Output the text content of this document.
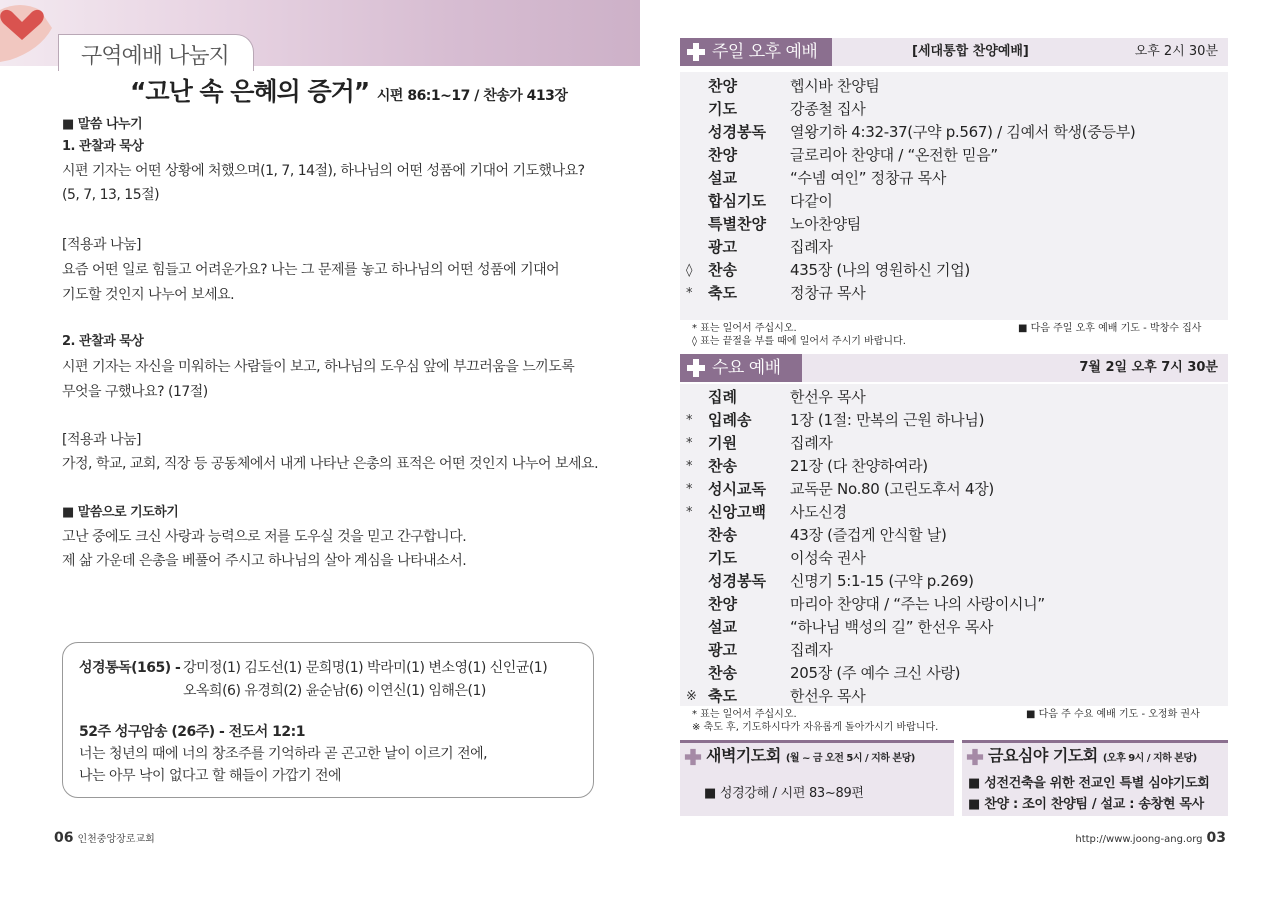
구역예배 나눔지
“고난 속 은혜의 증거” 시편 86:1~17 / 찬송가 413장
■ 말씀 나누기
1. 관찰과 묵상
시편 기자는 어떤 상황에 처했으며(1, 7, 14절), 하나님의 어떤 성품에 기대어 기도했나요?
(5, 7, 13, 15절)
[적용과 나눔]
요즘 어떤 일로 힘들고 어려운가요? 나는 그 문제를 놓고 하나님의 어떤 성품에 기대어
기도할 것인지 나누어 보세요.
2. 관찰과 묵상
시편 기자는 자신을 미워하는 사람들이 보고, 하나님의 도우심 앞에 부끄러움을 느끼도록
무엇을 구했나요? (17절)
[적용과 나눔]
가정, 학교, 교회, 직장 등 공동체에서 내게 나타난 은총의 표적은 어떤 것인지 나누어 보세요.
■ 말씀으로 기도하기
고난 중에도 크신 사랑과 능력으로 저를 도우실 것을 믿고 간구합니다.
제 삶 가운데 은총을 베풀어 주시고 하나님의 살아 계심을 나타내소서.
성경통독(165) - 강미정(1) 김도선(1) 문희명(1) 박라미(1) 변소영(1) 신인균(1)
오옥희(6) 유경희(2) 윤순남(6) 이연신(1) 임해은(1)
52주 성구암송 (26주) - 전도서 12:1
너는 청년의 때에 너의 창조주를 기억하라 곧 곤고한 날이 이르기 전에,
나는 아무 낙이 없다고 할 해들이 가깝기 전에
06 인천중앙장로교회
주일 오후 예배	[세대통합 찬양예배]	오후 2시 30분
찬양	헵시바 찬양팀
기도	강종철 집사
성경봉독	열왕기하 4:32-37(구약 p.567) / 김예서 학생(중등부)
찬양	글로리아 찬양대 / “온전한 믿음”
설교	“수넴 여인” 정창규 목사
합심기도	다같이
특별찬양	노아찬양팀
광고	집례자
◊ 찬송	435장 (나의 영원하신 기업)
* 축도	정창규 목사
* 표는 일어서 주십시오.
◊ 표는 끝절을 부를 때에 일어서 주시기 바랍니다.
■ 다음 주일 오후 예배 기도 - 박창수 집사
수요 예배	7월 2일 오후 7시 30분
집례	한선우 목사
* 입례송	1장 (1절: 만복의 근원 하나님)
* 기원	집례자
* 찬송	21장 (다 찬양하여라)
* 성시교독	교독문 No.80 (고린도후서 4장)
* 신앙고백	사도신경
찬송	43장 (즐겁게 안식할 날)
기도	이성숙 권사
성경봉독	신명기 5:1-15 (구약 p.269)
찬양	마리아 찬양대 / “주는 나의 사랑이시니”
설교	“하나님 백성의 길” 한선우 목사
광고	집례자
찬송	205장 (주 예수 크신 사랑)
※ 축도	한선우 목사
* 표는 일어서 주십시오.
※ 축도 후, 기도하시다가 자유롭게 돌아가시기 바랍니다.
■ 다음 주 수요 예배 기도 - 오정화 권사
새벽기도회 (월 ~ 금 오전 5시 / 지하 본당)
■ 성경강해 / 시편 83~89편
금요심야 기도회 (오후 9시 / 지하 본당)
■ 성전건축을 위한 전교인 특별 심야기도회
■ 찬양 : 조이 찬양팀 / 설교 : 송창현 목사
http://www.joong-ang.org 03
